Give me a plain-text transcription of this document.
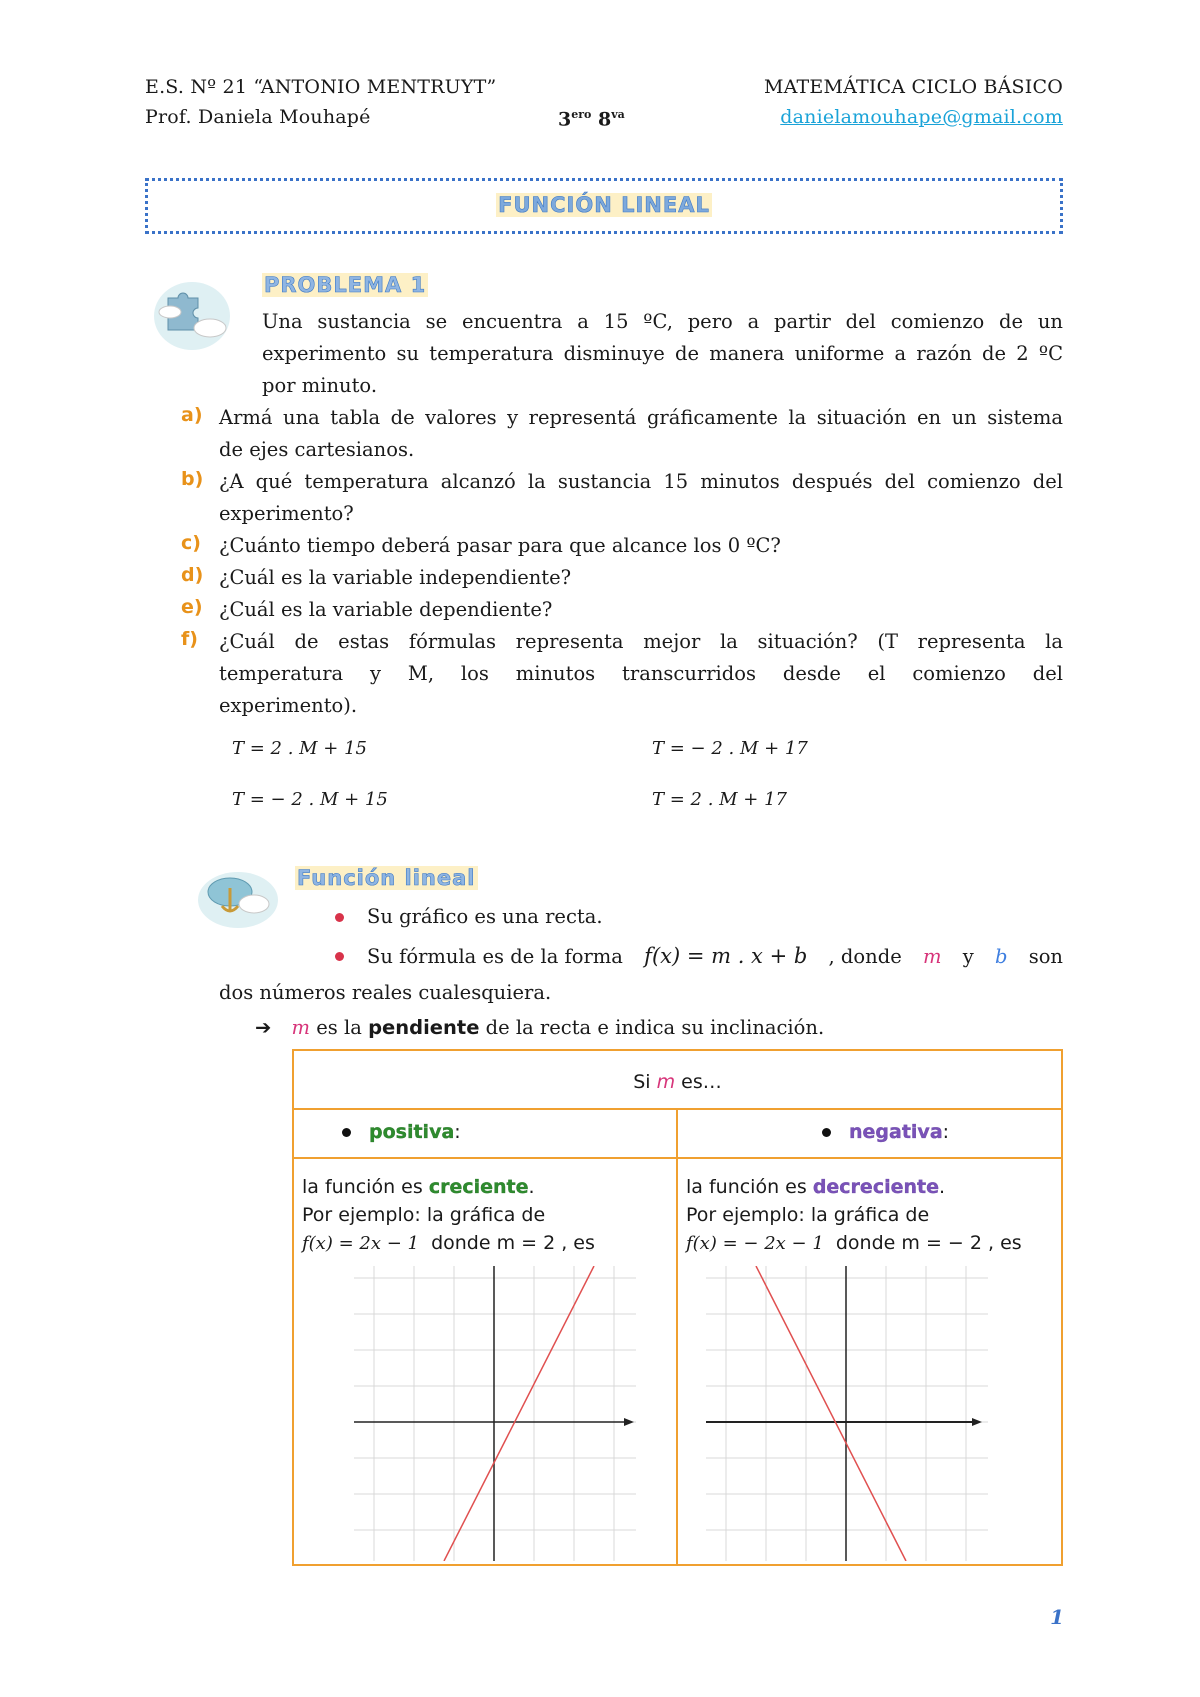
E.S. Nº 21 “ANTONIO MENTRUYT”	MATEMÁTICA CICLO BÁSICO
Prof. Daniela Mouhapé	$3^{ero}$ $8^{va}$	danielamouhape@gmail.com
FUNCIÓN LINEAL
PROBLEMA 1
Una sustancia se encuentra a 15 ºC, pero a partir del comienzo de un
experimento su temperatura disminuye de manera uniforme a razón de 2 ºC
por minuto.
a) Armá una tabla de valores y representá gráficamente la situación en un sistema
de ejes cartesianos.
b) ¿A qué temperatura alcanzó la sustancia 15 minutos después del comienzo del
experimento?
c) ¿Cuánto tiempo deberá pasar para que alcance los 0 ºC?
d) ¿Cuál es la variable independiente?
e) ¿Cuál es la variable dependiente?
f) ¿Cuál de estas fórmulas representa mejor la situación? (T representa la
temperatura y M, los minutos transcurridos desde el comienzo del
experimento).
T = 2 . M + 15	T = − 2 . M + 17
T = − 2 . M + 15	T = 2 . M + 17
Función lineal
Su gráfico es una recta.
Su fórmula es de la forma f(x) = m . x + b , donde m y b son
dos números reales cualesquiera.
➔ m es la pendiente de la recta e indica su inclinación.
Si m es…
positiva:	negativa:
la función es creciente.
Por ejemplo: la gráfica de
f(x) = 2x − 1 donde m = 2 , es
la función es decreciente.
Por ejemplo: la gráfica de
f(x) = − 2x − 1 donde m = − 2 , es
1
